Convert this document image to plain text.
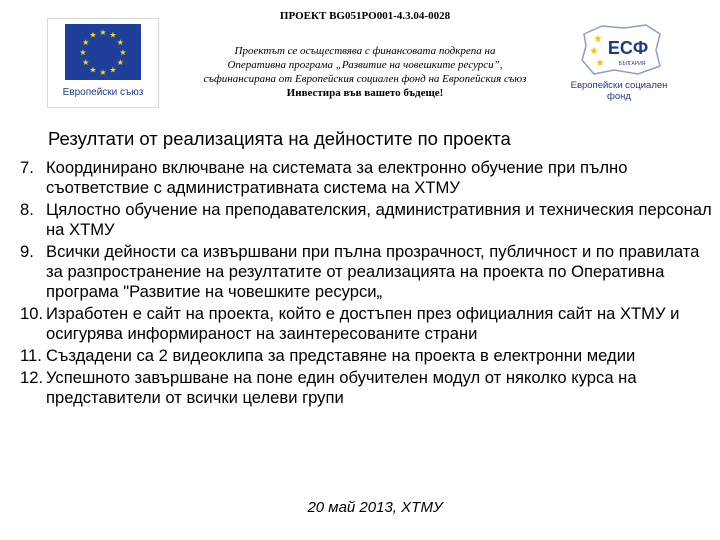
★ ★
★
★
★
★
★
★
★
★
★
★
Европейски съюз
ПРОЕКТ BG051PO001-4.3.04-0028
Проектът се осъществява с финансовата подкрепа на
Оперативна програма „Развитие на човешките ресурси”,
съфинансирана от Европейския социален фонд на Европейския съюз
Инвестира във вашето бъдеще!
★
★
★
ЕСФ
БЪЛГАРИЯ
Европейски социален фонд
Резултати от реализацията на дейностите по проекта
7. Координирано включване на системата за електронно обучение при пълно съответствие с административната система на ХТМУ
8. Цялостно обучение на преподавателския, административния и техническия персонал на ХТМУ
9. Всички дейности са извършвани при пълна прозрачност, публичност и по правилата за разпространение на резултатите от реализацията на проекта по Оперативна програма "Развитие на човешките ресурси„
10. Изработен е сайт на проекта, който е достъпен през официалния сайт на ХТМУ и осигурява информираност на заинтересованите страни
11. Създадени са 2 видеоклипа за представяне на проекта в електронни медии
12. Успешното завършване на поне един обучителен модул от няколко курса на представители от всички целеви групи
20 май 2013, ХТМУ
